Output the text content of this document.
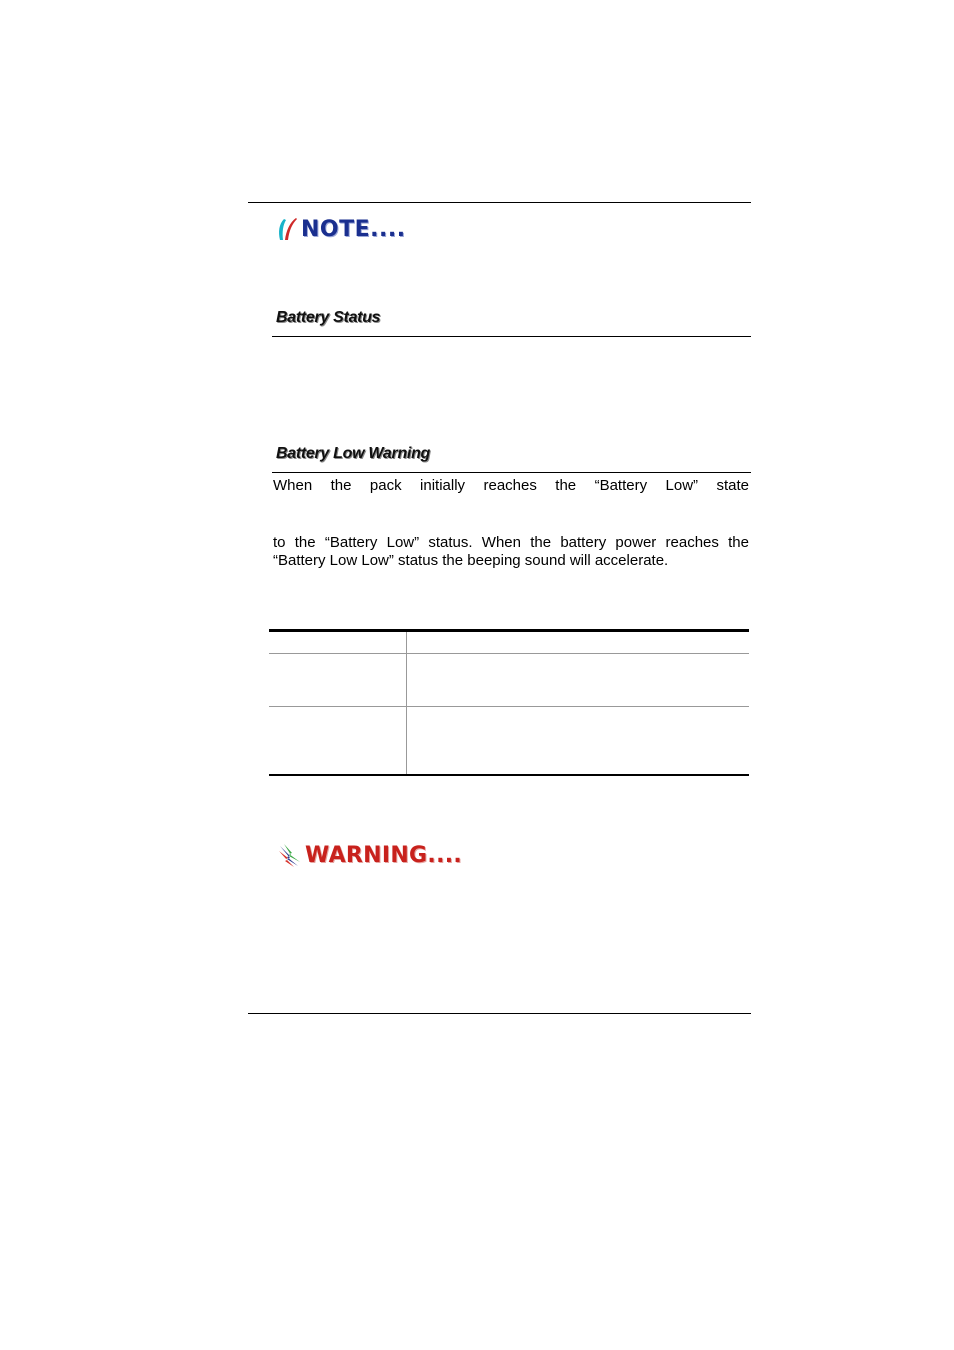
NOTE....
Battery Status
Battery Low Warning
When the pack initially reaches the “Battery Low” state
to the “Battery Low” status. When the battery power reaches the “Battery Low Low” status the beeping sound will accelerate.
WARNING....
